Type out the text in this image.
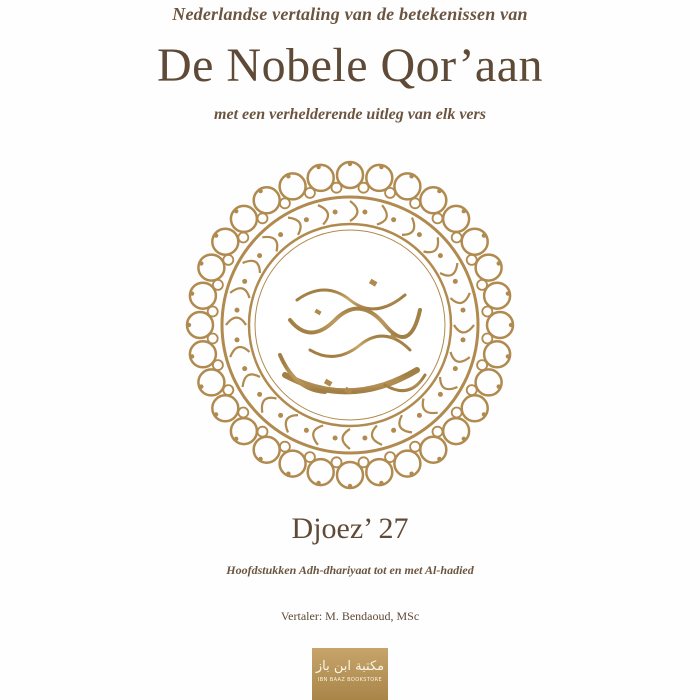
Nederlandse vertaling van de betekenissen van
De Nobele Qor’aan
met een verhelderende uitleg van elk vers
Djoez’ 27
Hoofdstukken Adh-dhariyaat tot en met Al-hadied
Vertaler: M. Bendaoud, MSc
مكتبة ابن باز
IBN BAAZ BOOKSTORE
